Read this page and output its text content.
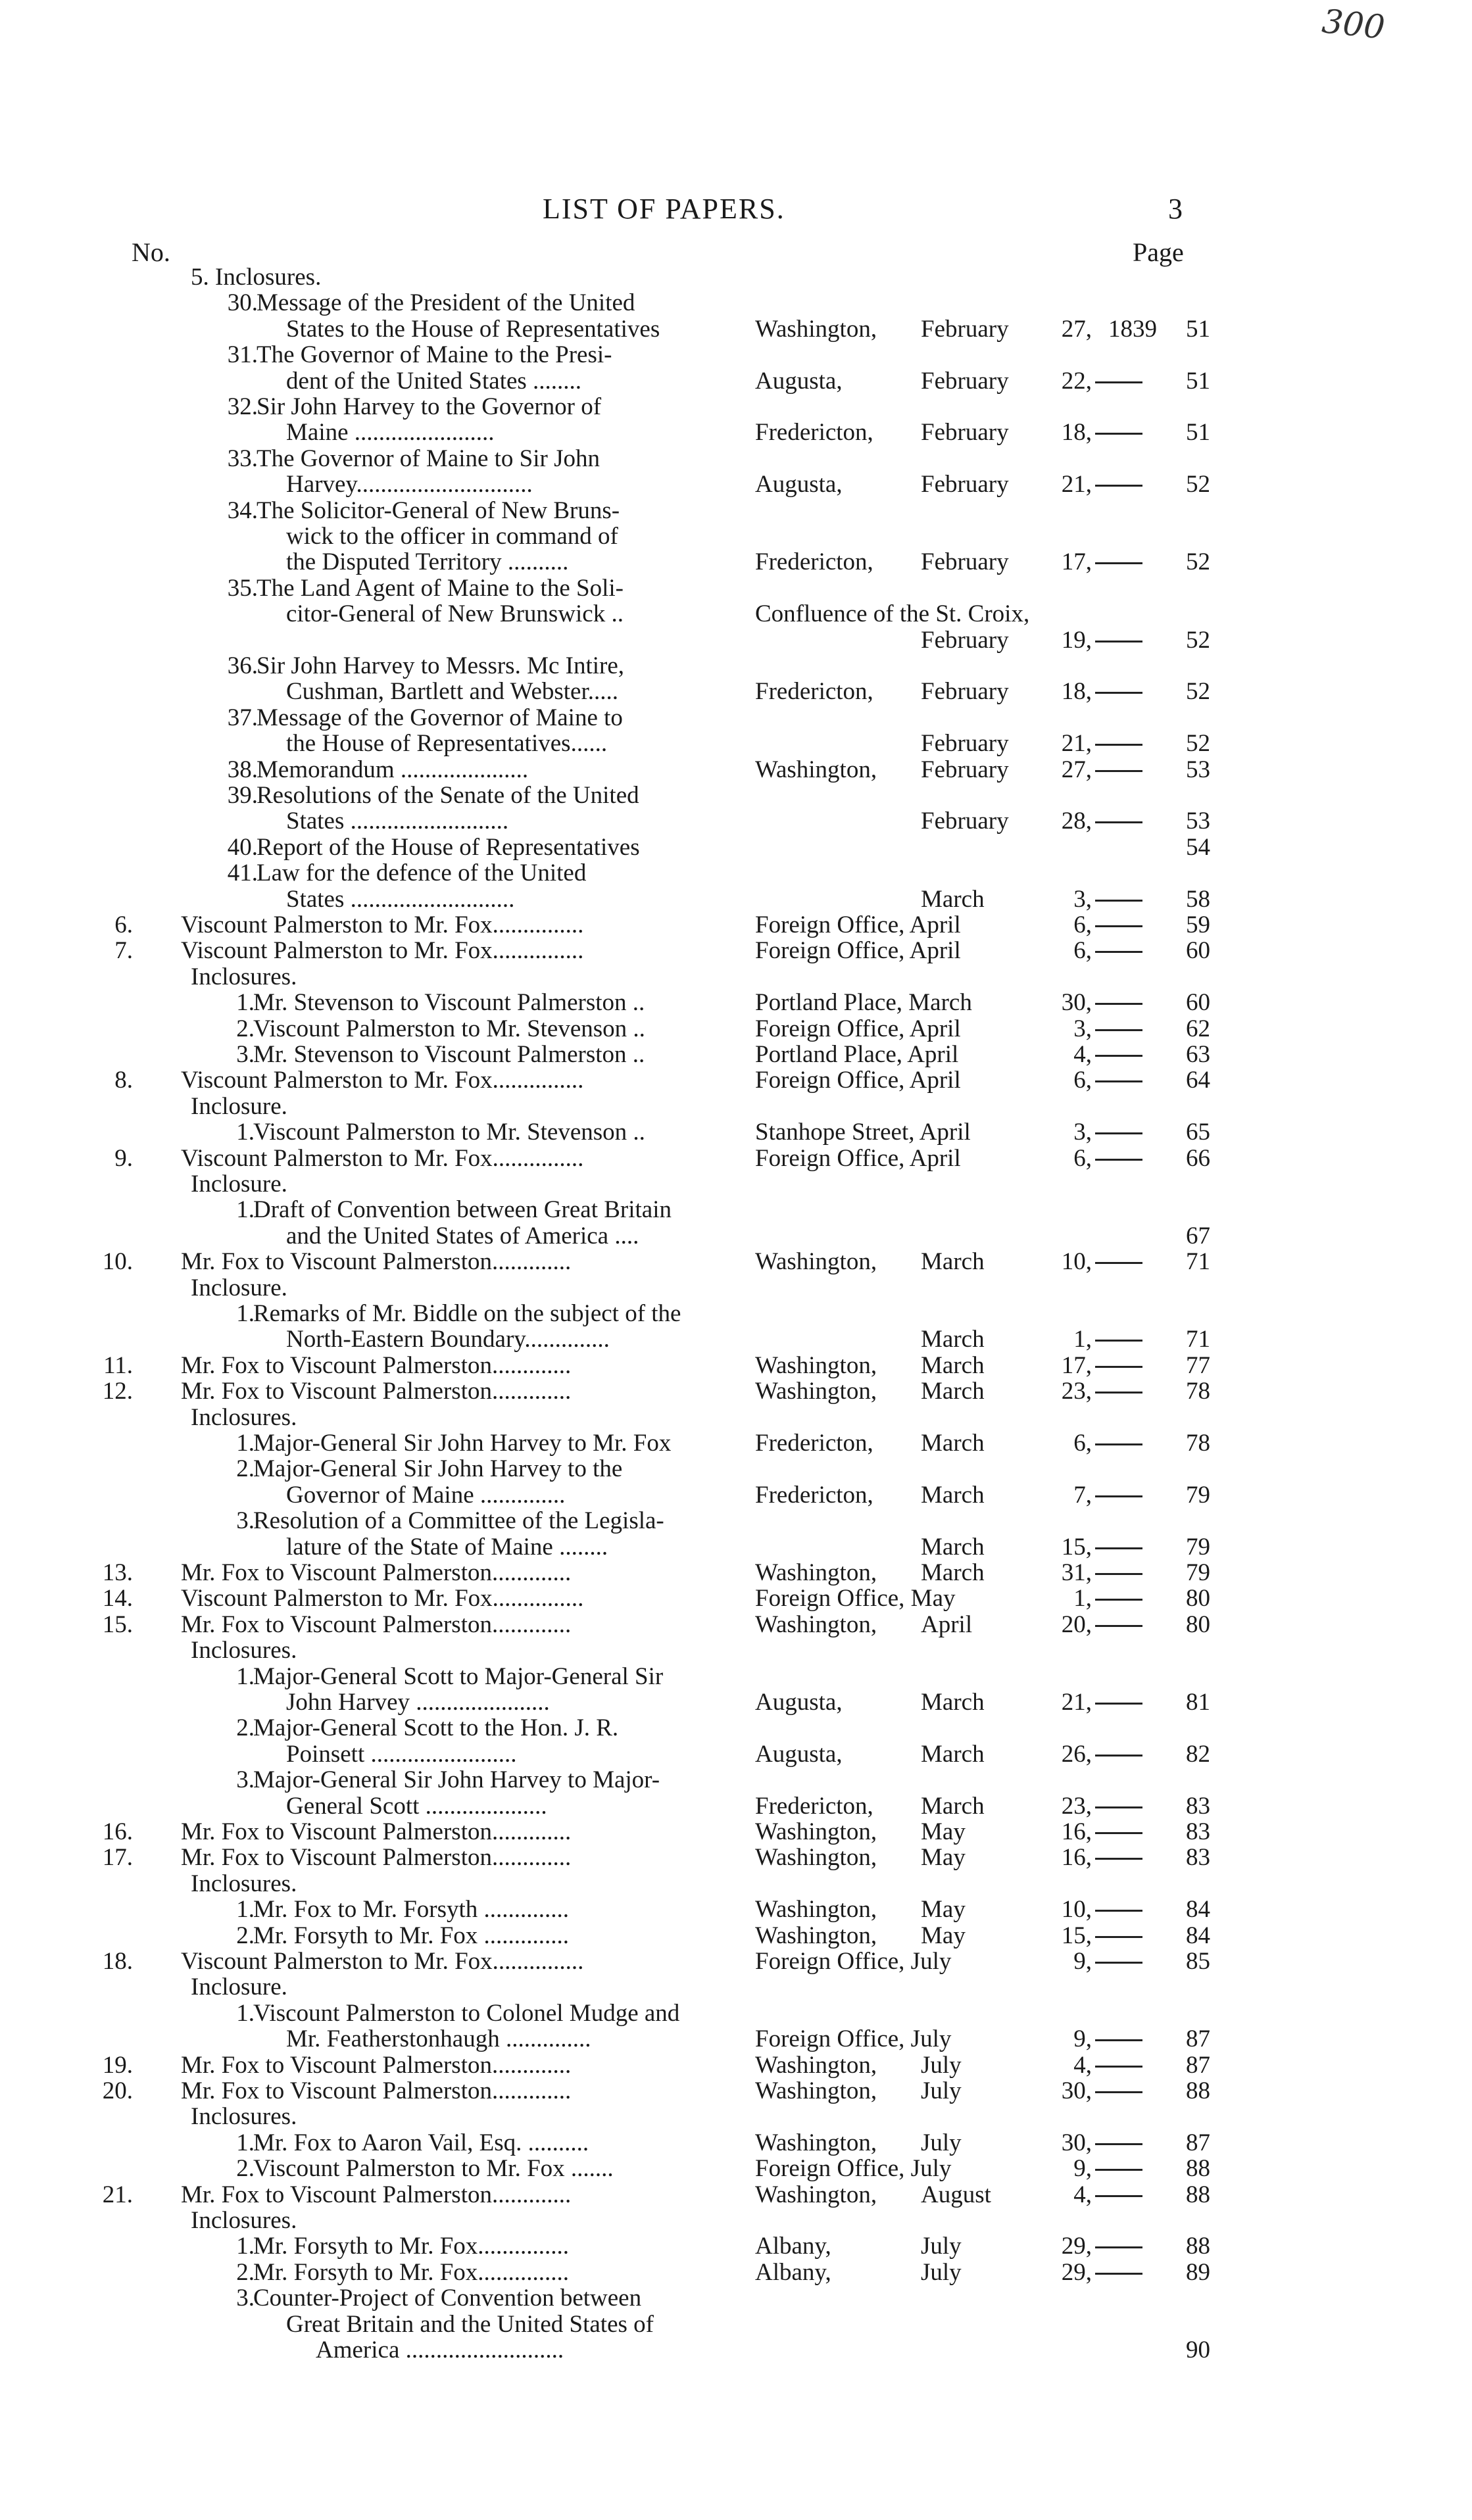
300
LIST OF PAPERS.	3
No.	Page
5. Inclosures.
30.
Message of the President of the United
States to the House of Representatives	Washington, February	27, 1839	51
31.
The Governor of Maine to the Presi-
dent of the United States ........	Augusta,	February	22,	51
32.
Sir John Harvey to the Governor of
Maine .......................	Fredericton, February	18,	51
33.
The Governor of Maine to Sir John
Harvey.............................	Augusta,	February	21,	52
34.
The Solicitor-General of New Bruns-
wick to the officer in command of
the Disputed Territory ..........	Fredericton, February	17,	52
35.
The Land Agent of Maine to the Soli-
citor-General of New Brunswick ..	Confluence of the St. Croix,
February	19,	52
36.
Sir John Harvey to Messrs. Mc Intire,
Cushman, Bartlett and Webster.....	Fredericton, February	18,	52
37.
Message of the Governor of Maine to
the House of Representatives......	February	21,	52
38.
Memorandum .....................	Washington, February	27,	53
39.
Resolutions of the Senate of the United
States ..........................	February	28,	53
40.
Report of the House of Representatives	54
41.
Law for the defence of the United
States ...........................	March	3,	58
6. Viscount Palmerston to Mr. Fox...............	Foreign Office, April	6,	59
7. Viscount Palmerston to Mr. Fox...............	Foreign Office, April	6,	60
Inclosures.
1.
Mr. Stevenson to Viscount Palmerston ..	Portland Place, March	30,	60
2.
Viscount Palmerston to Mr. Stevenson ..	Foreign Office, April	3,	62
3.
Mr. Stevenson to Viscount Palmerston ..	Portland Place, April	4,	63
8. Viscount Palmerston to Mr. Fox...............	Foreign Office, April	6,	64
Inclosure.
1.
Viscount Palmerston to Mr. Stevenson ..	Stanhope Street, April	3,	65
9. Viscount Palmerston to Mr. Fox...............	Foreign Office, April	6,	66
Inclosure.
1.
Draft of Convention between Great Britain
and the United States of America ....	67
10. Mr. Fox to Viscount Palmerston.............	Washington, March	10,	71
Inclosure.
1.
Remarks of Mr. Biddle on the subject of the
North-Eastern Boundary..............	March	1,	71
11. Mr. Fox to Viscount Palmerston.............	Washington, March	17,	77
12. Mr. Fox to Viscount Palmerston.............	Washington, March	23,	78
Inclosures.
1.
Major-General Sir John Harvey to Mr. Fox	Fredericton, March	6,	78
2.
Major-General Sir John Harvey to the
Governor of Maine ..............	Fredericton, March	7,	79
3.
Resolution of a Committee of the Legisla-
lature of the State of Maine ........	March	15,	79
13. Mr. Fox to Viscount Palmerston.............	Washington, March	31,	79
14. Viscount Palmerston to Mr. Fox...............	Foreign Office, May	1,	80
15. Mr. Fox to Viscount Palmerston.............	Washington, April	20,	80
Inclosures.
1.
Major-General Scott to Major-General Sir
John Harvey ......................	Augusta,	March	21,	81
2.
Major-General Scott to the Hon. J. R.
Poinsett ........................	Augusta,	March	26,	82
3.
Major-General Sir John Harvey to Major-
General Scott ....................	Fredericton, March	23,	83
16. Mr. Fox to Viscount Palmerston.............	Washington, May	16,	83
17. Mr. Fox to Viscount Palmerston.............	Washington, May	16,	83
Inclosures.
1.
Mr. Fox to Mr. Forsyth ..............	Washington, May	10,	84
2.
Mr. Forsyth to Mr. Fox ..............	Washington, May	15,	84
18. Viscount Palmerston to Mr. Fox...............	Foreign Office, July	9,	85
Inclosure.
1.
Viscount Palmerston to Colonel Mudge and
Mr. Featherstonhaugh ..............	Foreign Office, July	9,	87
19. Mr. Fox to Viscount Palmerston.............	Washington, July	4,	87
20. Mr. Fox to Viscount Palmerston.............	Washington, July	30,	88
Inclosures.
1.
Mr. Fox to Aaron Vail, Esq. ..........	Washington, July	30,	87
2.
Viscount Palmerston to Mr. Fox .......	Foreign Office, July	9,	88
21. Mr. Fox to Viscount Palmerston.............	Washington, August	4,	88
Inclosures.
1.
Mr. Forsyth to Mr. Fox...............	Albany,	July	29,	88
2.
Mr. Forsyth to Mr. Fox...............	Albany,	July	29,	89
3.
Counter-Project of Convention between
Great Britain and the United States of
America ..........................	90
